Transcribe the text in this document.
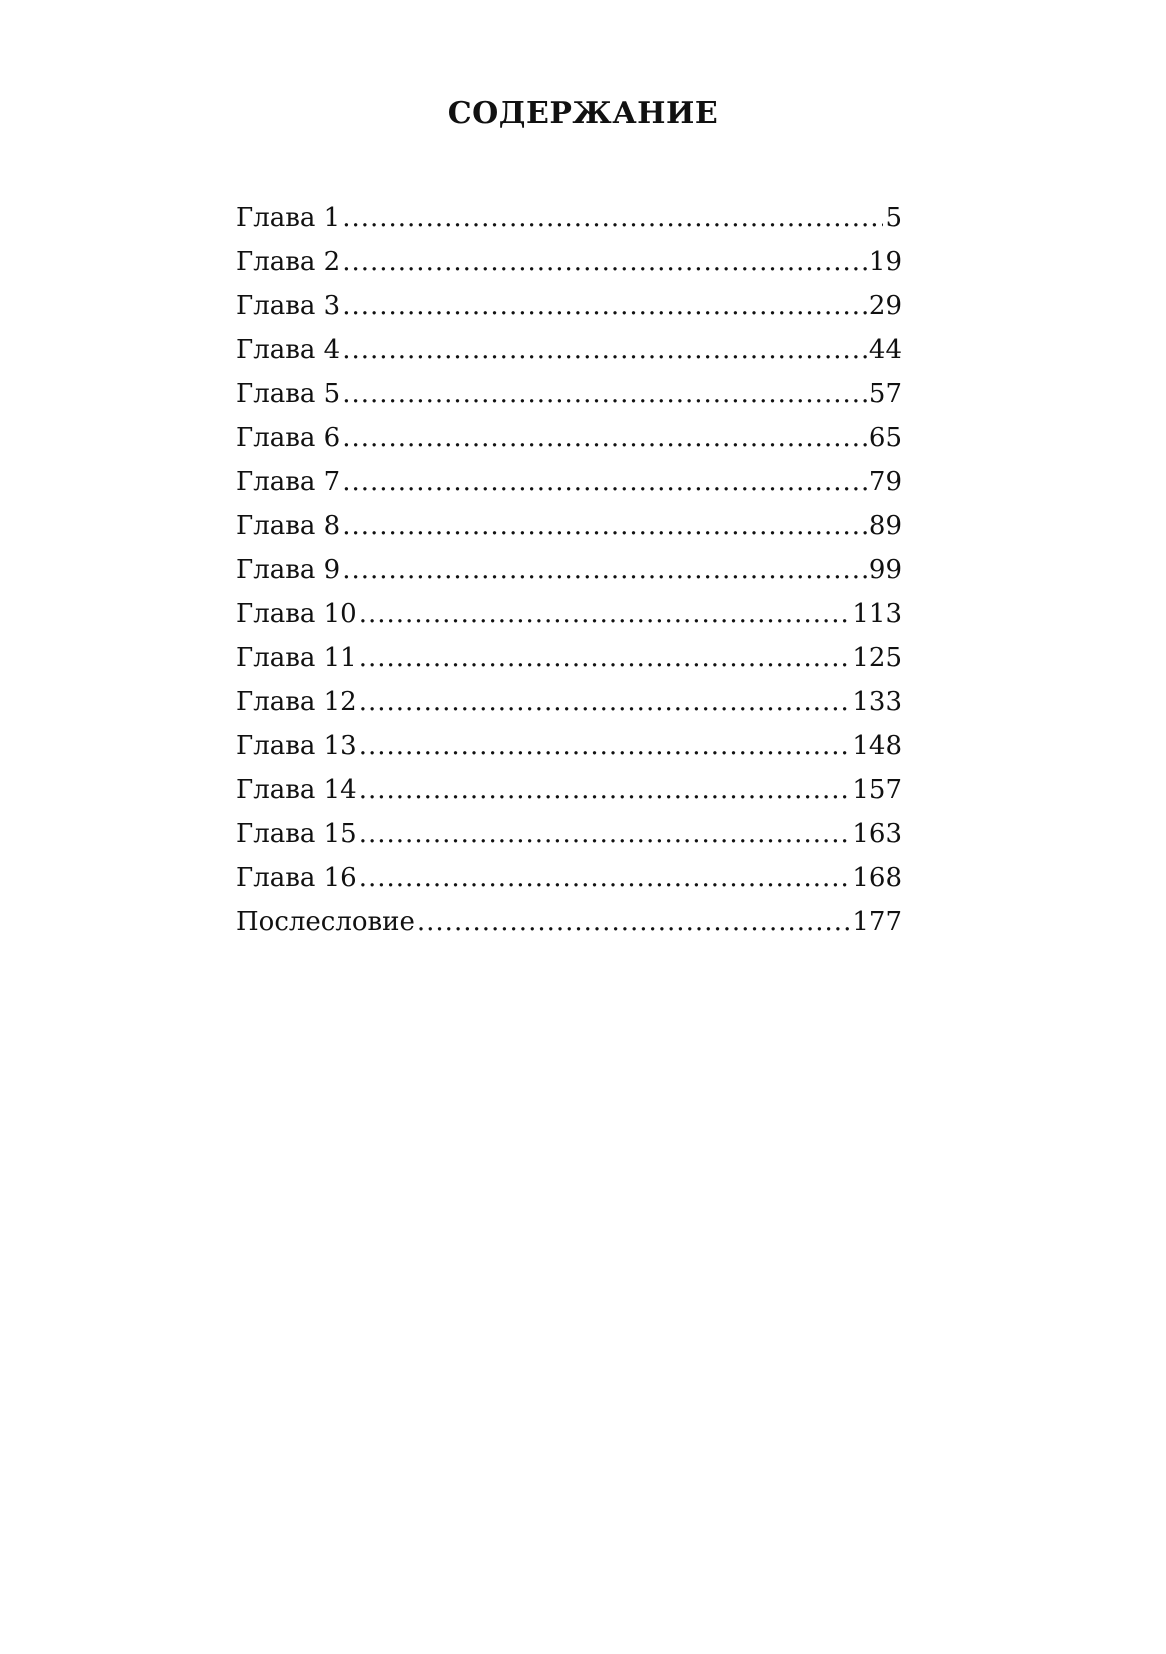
СОДЕРЖАНИЕ
Глава 1 .....	5
Глава 2 .....	19
Глава 3 .....	29
Глава 4 .....	44
Глава 5 .....	57
Глава 6 .....	65
Глава 7 .....	79
Глава 8 .....	89
Глава 9 .....	99
Глава 10 .....	113
Глава 11 .....	125
Глава 12 .....	133
Глава 13 .....	148
Глава 14 .....	157
Глава 15 .....	163
Глава 16 .....	168
Послесловие .....	177
